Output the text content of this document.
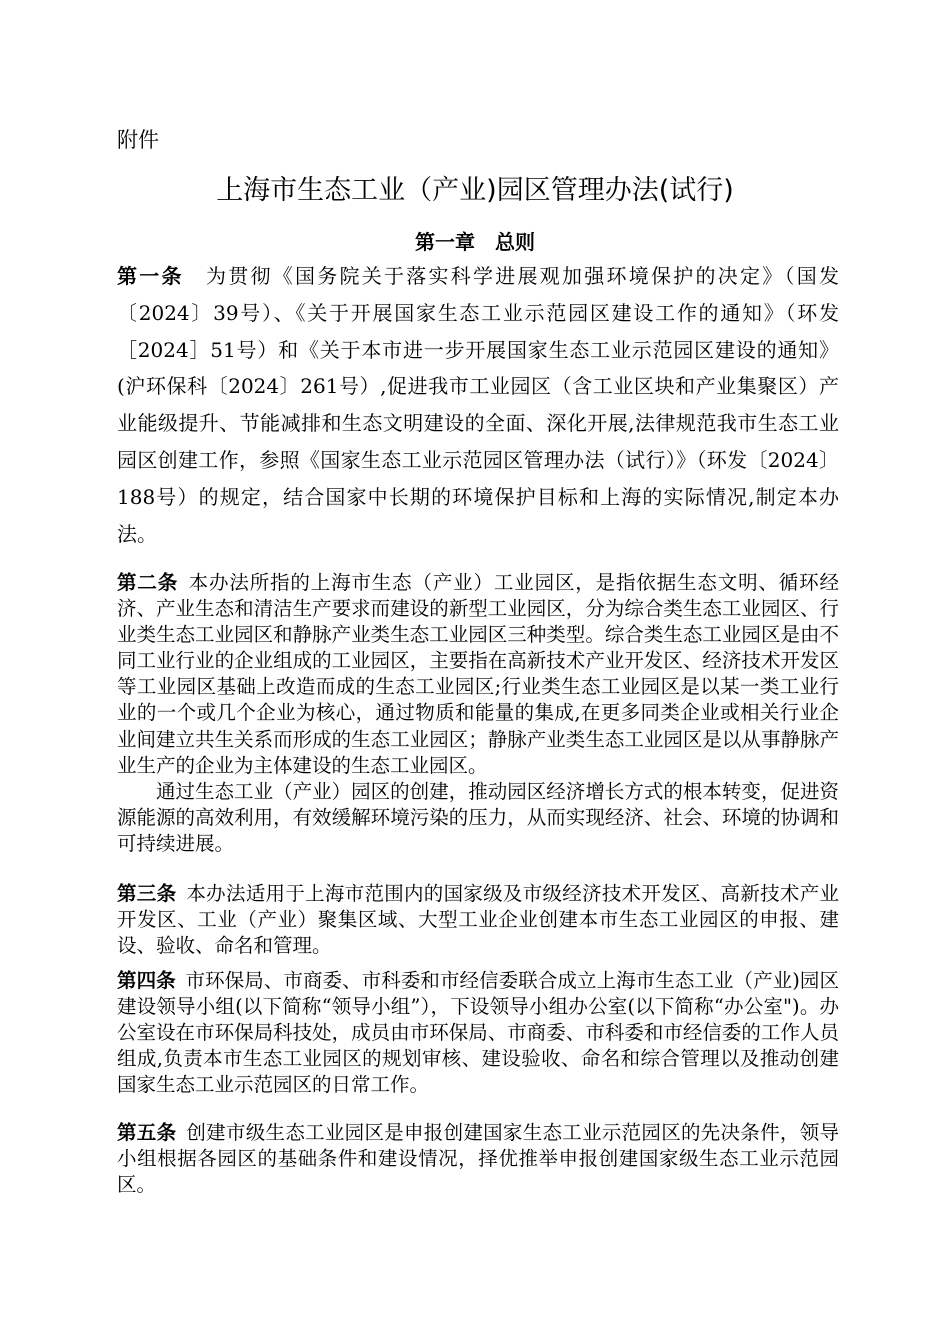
附件
上海市生态工业（产业)园区管理办法(试行)
第一章　总则
第一条 为贯彻《国务院关于落实科学进展观加强环境保护的决定》（国发〔2024〕39号）、《关于开展国家生态工业示范园区建设工作的通知》（环发［2024］51号）和《关于本市进一步开展国家生态工业示范园区建设的通知》(沪环保科〔2024〕261号）,促进我市工业园区（含工业区块和产业集聚区）产业能级提升、节能减排和生态文明建设的全面、深化开展,法律规范我市生态工业园区创建工作，参照《国家生态工业示范园区管理办法（试行）》（环发〔2024〕188号）的规定，结合国家中长期的环境保护目标和上海的实际情况,制定本办法。
第二条 本办法所指的上海市生态（产业）工业园区，是指依据生态文明、循环经济、产业生态和清洁生产要求而建设的新型工业园区，分为综合类生态工业园区、行业类生态工业园区和静脉产业类生态工业园区三种类型。综合类生态工业园区是由不同工业行业的企业组成的工业园区，主要指在高新技术产业开发区、经济技术开发区等工业园区基础上改造而成的生态工业园区;行业类生态工业园区是以某一类工业行业的一个或几个企业为核心，通过物质和能量的集成,在更多同类企业或相关行业企业间建立共生关系而形成的生态工业园区；静脉产业类生态工业园区是以从事静脉产业生产的企业为主体建设的生态工业园区。
通过生态工业（产业）园区的创建，推动园区经济增长方式的根本转变，促进资源能源的高效利用，有效缓解环境污染的压力，从而实现经济、社会、环境的协调和可持续进展。
第三条 本办法适用于上海市范围内的国家级及市级经济技术开发区、高新技术产业开发区、工业（产业）聚集区域、大型工业企业创建本市生态工业园区的申报、建设、验收、命名和管理。
第四条 市环保局、市商委、市科委和市经信委联合成立上海市生态工业（产业)园区建设领导小组(以下简称“领导小组”），下设领导小组办公室(以下简称“办公室")。办公室设在市环保局科技处，成员由市环保局、市商委、市科委和市经信委的工作人员组成,负责本市生态工业园区的规划审核、建设验收、命名和综合管理以及推动创建国家生态工业示范园区的日常工作。
第五条 创建市级生态工业园区是申报创建国家生态工业示范园区的先决条件，领导小组根据各园区的基础条件和建设情况，择优推举申报创建国家级生态工业示范园区。
